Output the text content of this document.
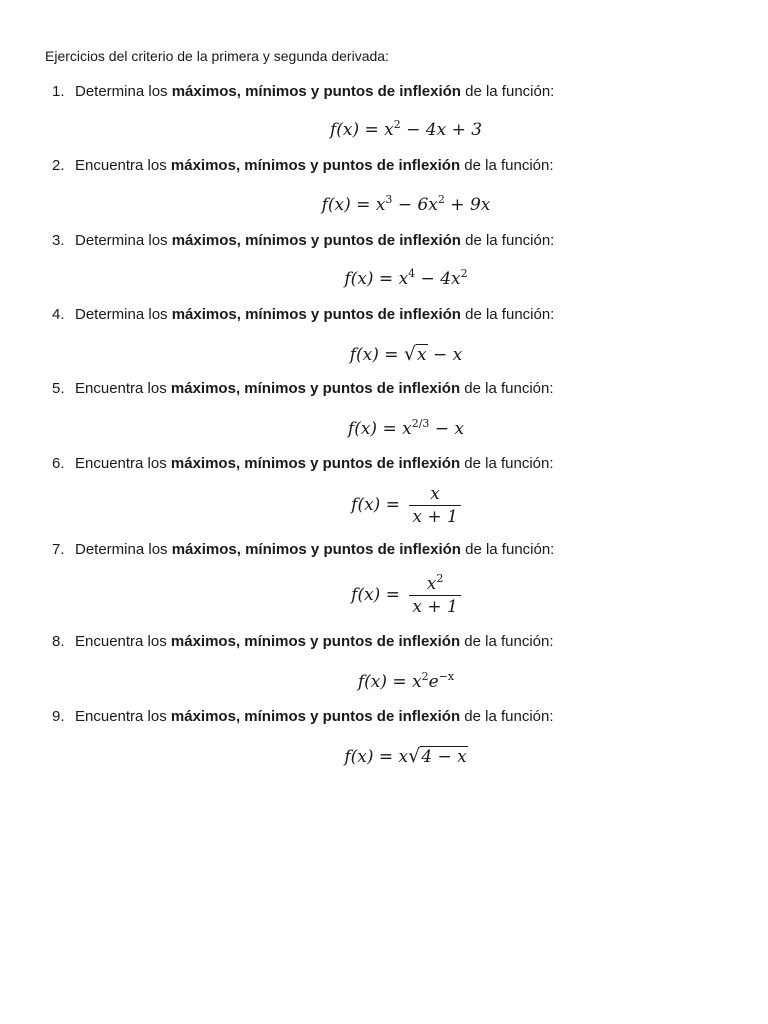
Ejercicios del criterio de la primera y segunda derivada:
1. Determina los máximos, mínimos y puntos de inflexión de la función:
$f(x) = x^2 - 4x + 3$
2. Encuentra los máximos, mínimos y puntos de inflexión de la función:
$f(x) = x^3 - 6x^2 + 9x$
3. Determina los máximos, mínimos y puntos de inflexión de la función:
$f(x) = x^4 - 4x^2$
4. Determina los máximos, mínimos y puntos de inflexión de la función:
f(x) = √x − x
5. Encuentra los máximos, mínimos y puntos de inflexión de la función:
$f(x) = x^{2/3} - x$
6. Encuentra los máximos, mínimos y puntos de inflexión de la función:
$f(x) = \frac{x}{x + 1}$
7. Determina los máximos, mínimos y puntos de inflexión de la función:
$f(x) = \frac{x^2}{x + 1}$
8. Encuentra los máximos, mínimos y puntos de inflexión de la función:
$f(x) = x^2e^{-x}$
9. Encuentra los máximos, mínimos y puntos de inflexión de la función:
f(x) = x√4 − x
